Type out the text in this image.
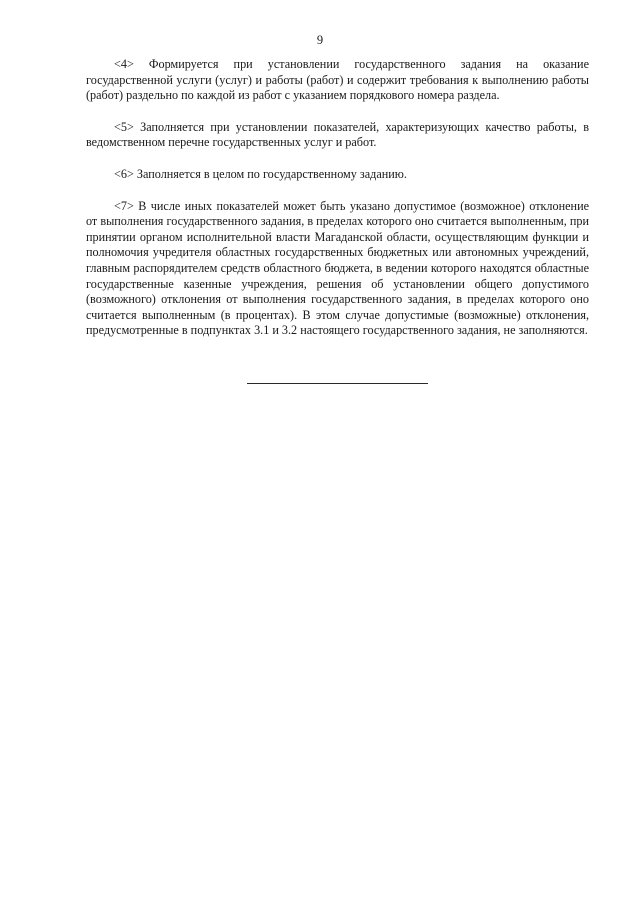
9

<4> Формируется при установлении государственного задания на оказание государственной услуги (услуг) и работы (работ) и содержит требования к выполнению работы (работ) раздельно по каждой из работ с указанием порядкового номера раздела.

<5> Заполняется при установлении показателей, характеризующих качество работы, в ведомственном перечне государственных услуг и работ.

<6> Заполняется в целом по государственному заданию.

<7> В числе иных показателей может быть указано допустимое (возможное) отклонение от выполнения государственного задания, в пределах которого оно считается выполненным, при принятии органом исполнительной власти Магаданской области, осуществляющим функции и полномочия учредителя областных государственных бюджетных или автономных учреждений, главным распорядителем средств областного бюджета, в ведении которого находятся областные государственные казенные учреждения, решения об установлении общего допустимого (возможного) отклонения от выполнения государственного задания, в пределах которого оно считается выполненным (в процентах). В этом случае допустимые (возможные) отклонения, предусмотренные в подпунктах 3.1 и 3.2 настоящего государственного задания, не заполняются.
